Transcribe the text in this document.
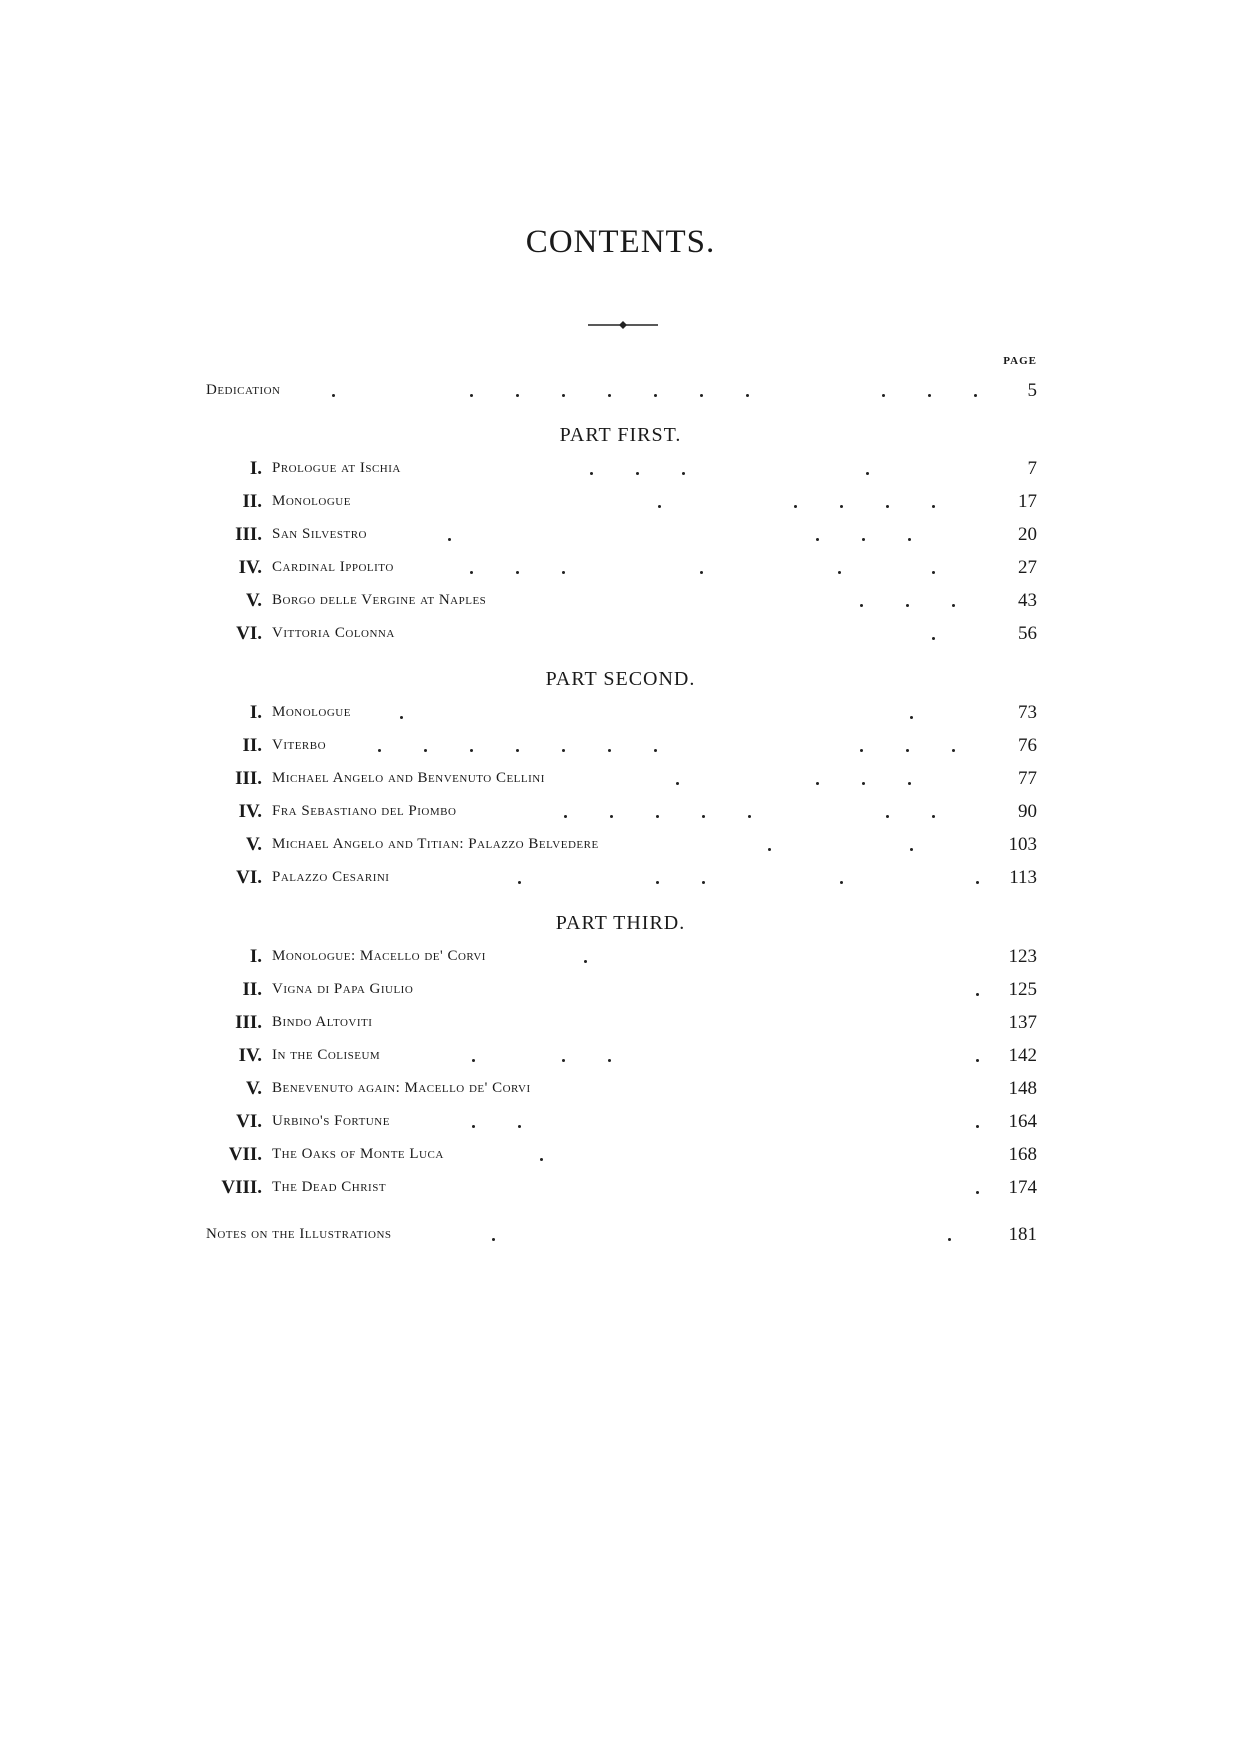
CONTENTS.
PAGE
Dedication	5
PART FIRST.
I. Prologue at Ischia	7
II. Monologue	17
III. San Silvestro	20
IV. Cardinal Ippolito	27
V. Borgo delle Vergine at Naples	43
VI. Vittoria Colonna	56
PART SECOND.
I. Monologue	73
II. Viterbo	76
III. Michael Angelo and Benvenuto Cellini	77
IV. Fra Sebastiano del Piombo	90
V. Michael Angelo and Titian: Palazzo Belvedere	103
VI. Palazzo Cesarini	113
PART THIRD.
I. Monologue: Macello de' Corvi	123
II. Vigna di Papa Giulio	125
III. Bindo Altoviti	137
IV. In the Coliseum	142
V. Benevenuto again: Macello de' Corvi	148
VI. Urbino's Fortune	164
VII. The Oaks of Monte Luca	168
VIII. The Dead Christ	174
Notes on the Illustrations	181
